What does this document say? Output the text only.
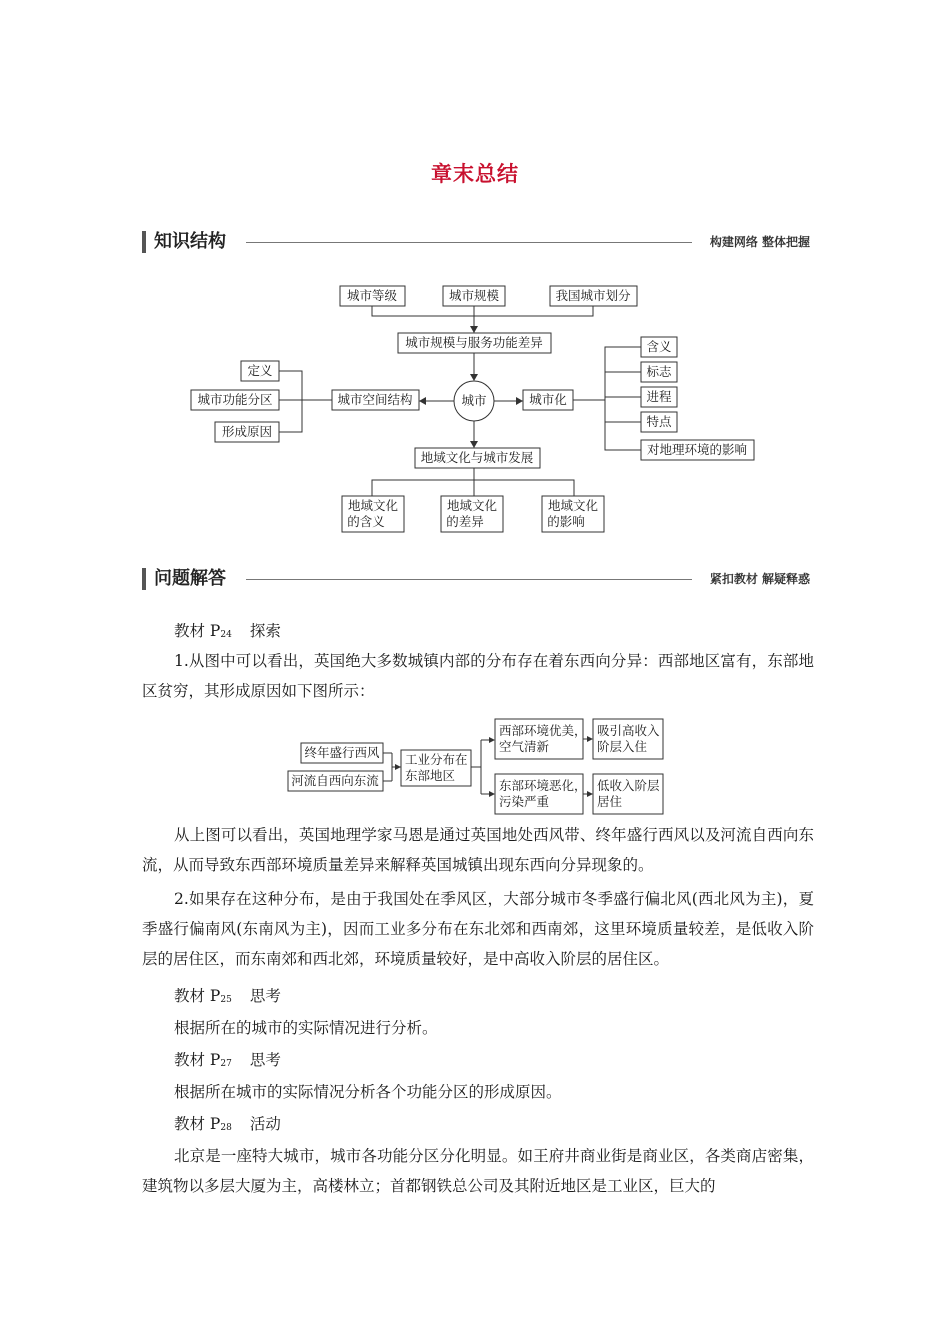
章末总结
知识结构	构建网络 整体把握
城市等级	城市规模	我国城市划分
城市规模与服务功能差异
城市
城市空间结构
定义
城市功能分区
形成原因
城市化
含义
标志
进程
特点
对地理环境的影响
地域文化与城市发展
地域文化
的含义
地域文化
的差异
地域文化
的影响
终年盛行西风
河流自西向东流
工业分布在
东部地区
西部环境优美，
空气清新
东部环境恶化，
污染严重
吸引高收入
阶层入住
低收入阶层
居住
问题解答	紧扣教材 解疑释惑
教材 $P_{24}$ 探索
1.从图中可以看出，英国绝大多数城镇内部的分布存在着东西向分异：西部地区富有，东部地区贫穷，其形成原因如下图所示：
从上图可以看出，英国地理学家马恩是通过英国地处西风带、终年盛行西风以及河流自西向东流，从而导致东西部环境质量差异来解释英国城镇出现东西向分异现象的。
2.如果存在这种分布，是由于我国处在季风区，大部分城市冬季盛行偏北风(西北风为主)，夏季盛行偏南风(东南风为主)，因而工业多分布在东北郊和西南郊，这里环境质量较差，是低收入阶层的居住区，而东南郊和西北郊，环境质量较好，是中高收入阶层的居住区。
教材 $P_{25}$ 思考
根据所在的城市的实际情况进行分析。
教材 $P_{27}$ 思考
根据所在城市的实际情况分析各个功能分区的形成原因。
教材 $P_{28}$ 活动
北京是一座特大城市，城市各功能分区分化明显。如王府井商业街是商业区，各类商店密集，建筑物以多层大厦为主，高楼林立；首都钢铁总公司及其附近地区是工业区，巨大的
